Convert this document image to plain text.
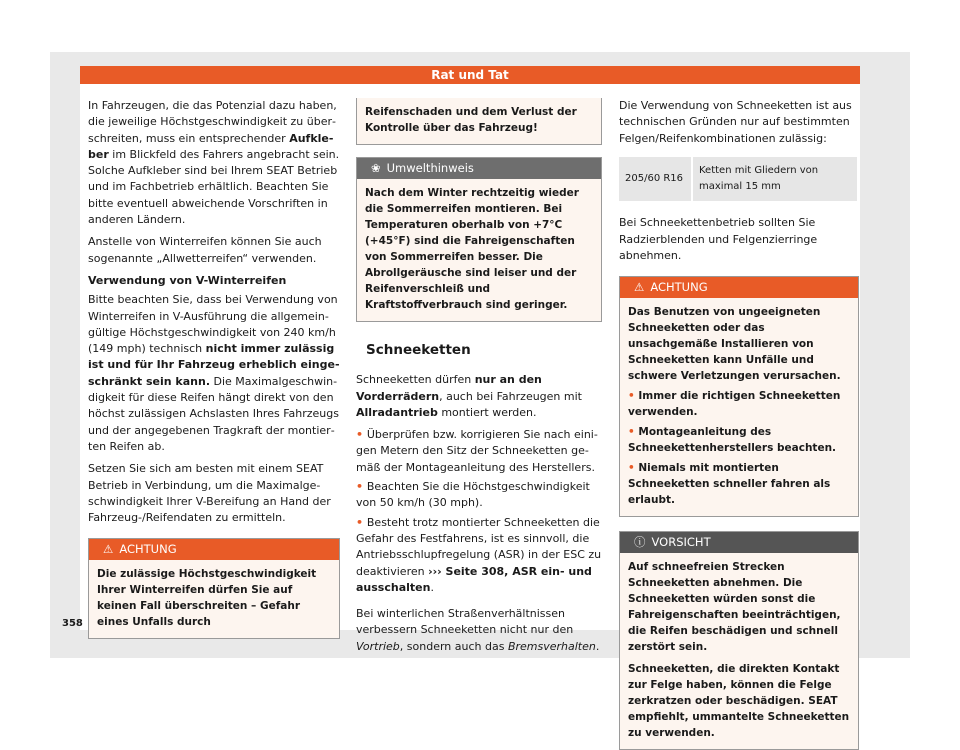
Rat und Tat

In Fahrzeugen, die das Potenzial dazu haben, die jeweilige Höchstgeschwindigkeit zu überschreiten, muss ein entsprechender Aufkleber im Blickfeld des Fahrers angebracht sein. Solche Aufkleber sind bei Ihrem SEAT Betrieb und im Fachbetrieb erhältlich. Beachten Sie bitte eventuell abweichende Vorschriften in anderen Ländern.

Anstelle von Winterreifen können Sie auch sogenannte „Allwetterreifen“ verwenden.

Verwendung von V-Winterreifen

Bitte beachten Sie, dass bei Verwendung von Winterreifen in V-Ausführung die allgemeingültige Höchstgeschwindigkeit von 240 km/h (149 mph) technisch nicht immer zulässig ist und für Ihr Fahrzeug erheblich eingeschränkt sein kann. Die Maximalgeschwindigkeit für diese Reifen hängt direkt von den höchst zulässigen Achslasten Ihres Fahrzeugs und der angegebenen Tragkraft der montierten Reifen ab.

Setzen Sie sich am besten mit einem SEAT Betrieb in Verbindung, um die Maximalgeschwindigkeit Ihrer V-Bereifung an Hand der Fahrzeug-/Reifendaten zu ermitteln.

⚠ ACHTUNG
Die zulässige Höchstgeschwindigkeit Ihrer Winterreifen dürfen Sie auf keinen Fall überschreiten – Gefahr eines Unfalls durch
Reifenschaden und dem Verlust der Kontrolle über das Fahrzeug!
❀ Umwelthinweis
Nach dem Winter rechtzeitig wieder die Sommerreifen montieren. Bei Temperaturen oberhalb von +7°C (+45°F) sind die Fahreigenschaften von Sommerreifen besser. Die Abrollgeräusche sind leiser und der Reifenverschleiß und Kraftstoffverbrauch sind geringer.
Schneeketten

Schneeketten dürfen nur an den Vorderrädern, auch bei Fahrzeugen mit Allradantrieb montiert werden.

• Überprüfen bzw. korrigieren Sie nach einigen Metern den Sitz der Schneeketten gemäß der Montageanleitung des Herstellers.

• Beachten Sie die Höchstgeschwindigkeit von 50 km/h (30 mph).

• Besteht trotz montierter Schneeketten die Gefahr des Festfahrens, ist es sinnvoll, die Antriebsschlupfregelung (ASR) in der ESC zu deaktivieren ››› Seite 308, ASR ein- und ausschalten.

Bei winterlichen Straßenverhältnissen verbessern Schneeketten nicht nur den Vortrieb, sondern auch das Bremsverhalten.

Die Verwendung von Schneeketten ist aus technischen Gründen nur auf bestimmten Felgen/Reifenkombinationen zulässig:

205/60 R16	Ketten mit Gliedern von maximal 15 mm

Bei Schneekettenbetrieb sollten Sie Radzierblenden und Felgenzierringe abnehmen.

⚠ ACHTUNG

Das Benutzen von ungeeigneten Schneeketten oder das unsachgemäße Installieren von Schneeketten kann Unfälle und schwere Verletzungen verursachen.

• Immer die richtigen Schneeketten verwenden.

• Montageanleitung des Schneekettenherstellers beachten.

• Niemals mit montierten Schneeketten schneller fahren als erlaubt.

ⓘ VORSICHT

Auf schneefreien Strecken Schneeketten abnehmen. Die Schneeketten würden sonst die Fahreigenschaften beeinträchtigen, die Reifen beschädigen und schnell zerstört sein.

Schneeketten, die direkten Kontakt zur Felge haben, können die Felge zerkratzen oder beschädigen. SEAT empfiehlt, ummantelte Schneeketten zu verwenden.

358
